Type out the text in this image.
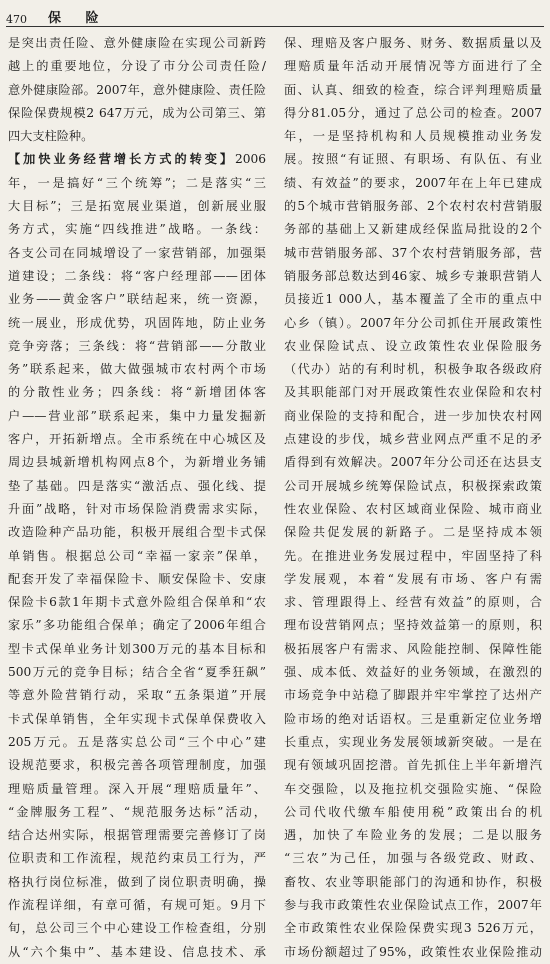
470	保 险
是突出责任险、意外健康险在实现公司新跨
越上的重要地位，分设了市分公司责任险/
意外健康险部。2007年，意外健康险、责任险
保险保费规模2 647万元，成为公司第三、第
四大支柱险种。
【加快业务经营增长方式的转变】2006
年，一是搞好“三个统筹”；二是落实“三
大目标”；三是拓宽展业渠道，创新展业服
务方式，实施“四线推进”战略。一条线：
各支公司在同城增设了一家营销部，加强渠
道建设；二条线：将“客户经理部——团体
业务——黄金客户”联结起来，统一资源，
统一展业，形成优势，巩固阵地，防止业务
竞争旁落；三条线：将“营销部——分散业
务”联系起来，做大做强城市农村两个市场
的分散性业务；四条线：将“新增团体客
户——营业部”联系起来，集中力量发掘新
客户，开拓新增点。全市系统在中心城区及
周边县城新增机构网点8个，为新增业务铺
垫了基础。四是落实“激活点、强化线、提
升面”战略，针对市场保险消费需求实际，
改造险种产品功能，积极开展组合型卡式保
单销售。根据总公司“幸福一家亲”保单，
配套开发了幸福保险卡、顺安保险卡、安康
保险卡6款1年期卡式意外险组合保单和“农
家乐”多功能组合保单；确定了2006年组合
型卡式保单业务计划300万元的基本目标和
500万元的竞争目标；结合全省“夏季狂飙”
等意外险营销行动，采取“五条渠道”开展
卡式保单销售，全年实现卡式保单保费收入
205万元。五是落实总公司“三个中心”建
设规范要求，积极完善各项管理制度，加强
理赔质量管理。深入开展“理赔质量年”、
“金牌服务工程”、“规范服务达标”活动，
结合达州实际，根据管理需要完善修订了岗
位职责和工作流程，规范约束员工行为，严
格执行岗位标准，做到了岗位职责明确，操
作流程详细，有章可循，有规可矩。9月下
旬，总公司三个中心建设工作检查组，分别
从“六个集中”、基本建设、信息技术、承
保、理赔及客户服务、财务、数据质量以及
理赔质量年活动开展情况等方面进行了全
面、认真、细致的检查，综合评判理赔质量
得分81.05分，通过了总公司的检查。2007
年，一是坚持机构和人员规模推动业务发
展。按照“有证照、有职场、有队伍、有业
绩、有效益”的要求，2007年在上年已建成
的5个城市营销服务部、2个农村农村营销服
务部的基础上又新建成经保监局批设的2个
城市营销服务部、37个农村营销服务部，营
销服务部总数达到46家、城乡专兼职营销人
员接近1 000人，基本覆盖了全市的重点中
心乡（镇）。2007年分公司抓住开展政策性
农业保险试点、设立政策性农业保险服务
（代办）站的有利时机，积极争取各级政府
及其职能部门对开展政策性农业保险和农村
商业保险的支持和配合，进一步加快农村网
点建设的步伐，城乡营业网点严重不足的矛
盾得到有效解决。2007年分公司还在达县支
公司开展城乡统筹保险试点，积极探索政策
性农业保险、农村区域商业保险、城市商业
保险共促发展的新路子。二是坚持成本领
先。在推进业务发展过程中，牢固坚持了科
学发展观，本着“发展有市场、客户有需
求、管理跟得上、经营有效益”的原则，合
理布设营销网点；坚持效益第一的原则，积
极拓展客户有需求、风险能控制、保障性能
强、成本低、效益好的业务领域，在激烈的
市场竞争中站稳了脚跟并牢牢掌控了达州产
险市场的绝对话语权。三是重新定位业务增
长重点，实现业务发展领域新突破。一是在
现有领域巩固挖潜。首先抓住上半年新增汽
车交强险，以及拖拉机交强险实施、“保险
公司代收代缴车船使用税”政策出台的机
遇，加快了车险业务的发展；二是以服务
“三农”为己任，加强与各级党政、财政、
畜牧、农业等职能部门的沟通和协作，积极
参与我市政策性农业保险试点工作，2007年
全市政策性农业保险保费实现3 526万元，
市场份额超过了95%，政策性农业保险推动
